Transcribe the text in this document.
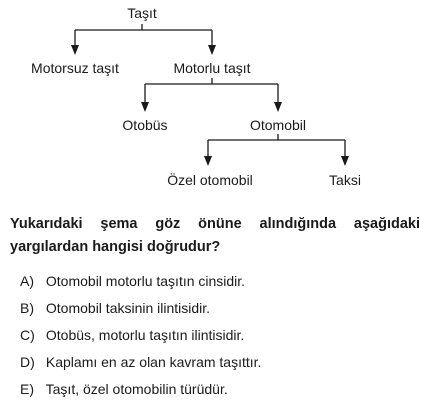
Taşıt
Motorsuz taşıt	Motorlu taşıt
Otobüs	Otomobil
Özel otomobil	Taksi

Yukarıdaki şema göz önüne alındığında aşağıdaki yargılardan hangisi doğrudur?

A) Otomobil motorlu taşıtın cinsidir.
B) Otomobil taksinin ilintisidir.
C) Otobüs, motorlu taşıtın ilintisidir.
D) Kaplamı en az olan kavram taşıttır.
E) Taşıt, özel otomobilin türüdür.
